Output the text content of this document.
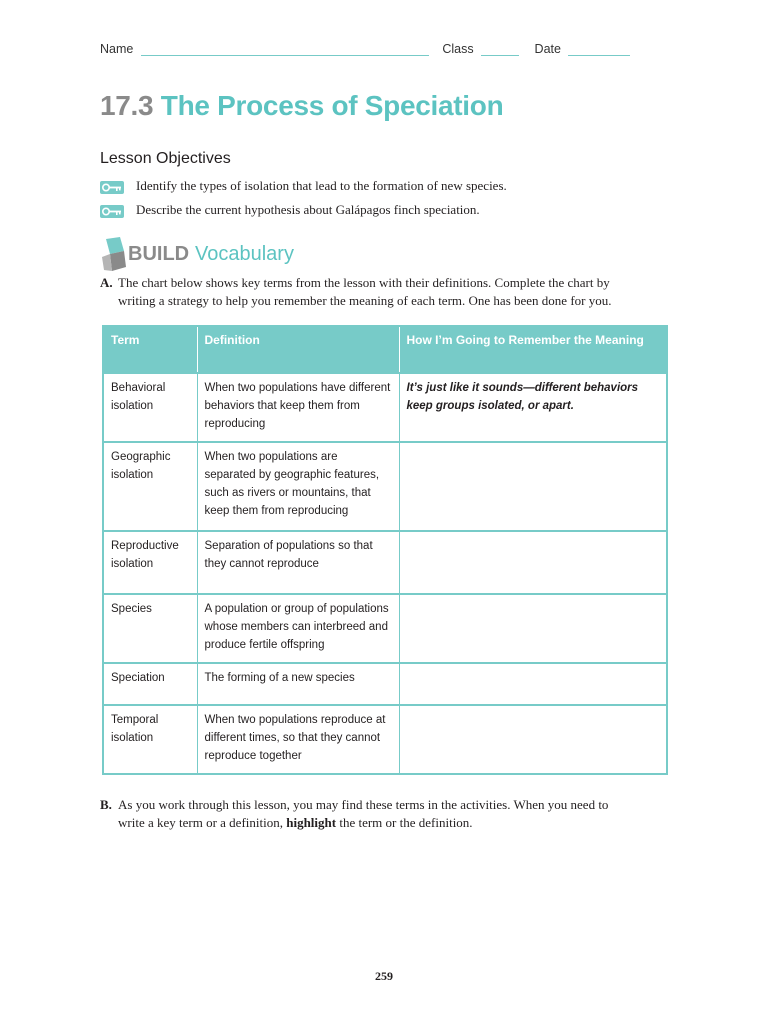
Name	Class	Date
17.3 The Process of Speciation
Lesson Objectives
Identify the types of isolation that lead to the formation of new species.
Describe the current hypothesis about Galápagos finch speciation.
BUILD Vocabulary
A. The chart below shows key terms from the lesson with their definitions. Complete the chart by
writing a strategy to help you remember the meaning of each term. One has been done for you.
Term	Definition	How I’m Going to Remember the Meaning
Behavioral isolation	When two populations have different behaviors that keep them from reproducing	It’s just like it sounds—different behaviors keep groups isolated, or apart.
Geographic isolation	When two populations are separated by geographic features, such as rivers or mountains, that keep them from reproducing	
Reproductive isolation	Separation of populations so that they cannot reproduce	
Species	A population or group of populations whose members can interbreed and produce fertile offspring	
Speciation	The forming of a new species	
Temporal isolation	When two populations reproduce at different times, so that they cannot reproduce together	
B. As you work through this lesson, you may find these terms in the activities. When you need to
write a key term or a definition, highlight the term or the definition.
259
